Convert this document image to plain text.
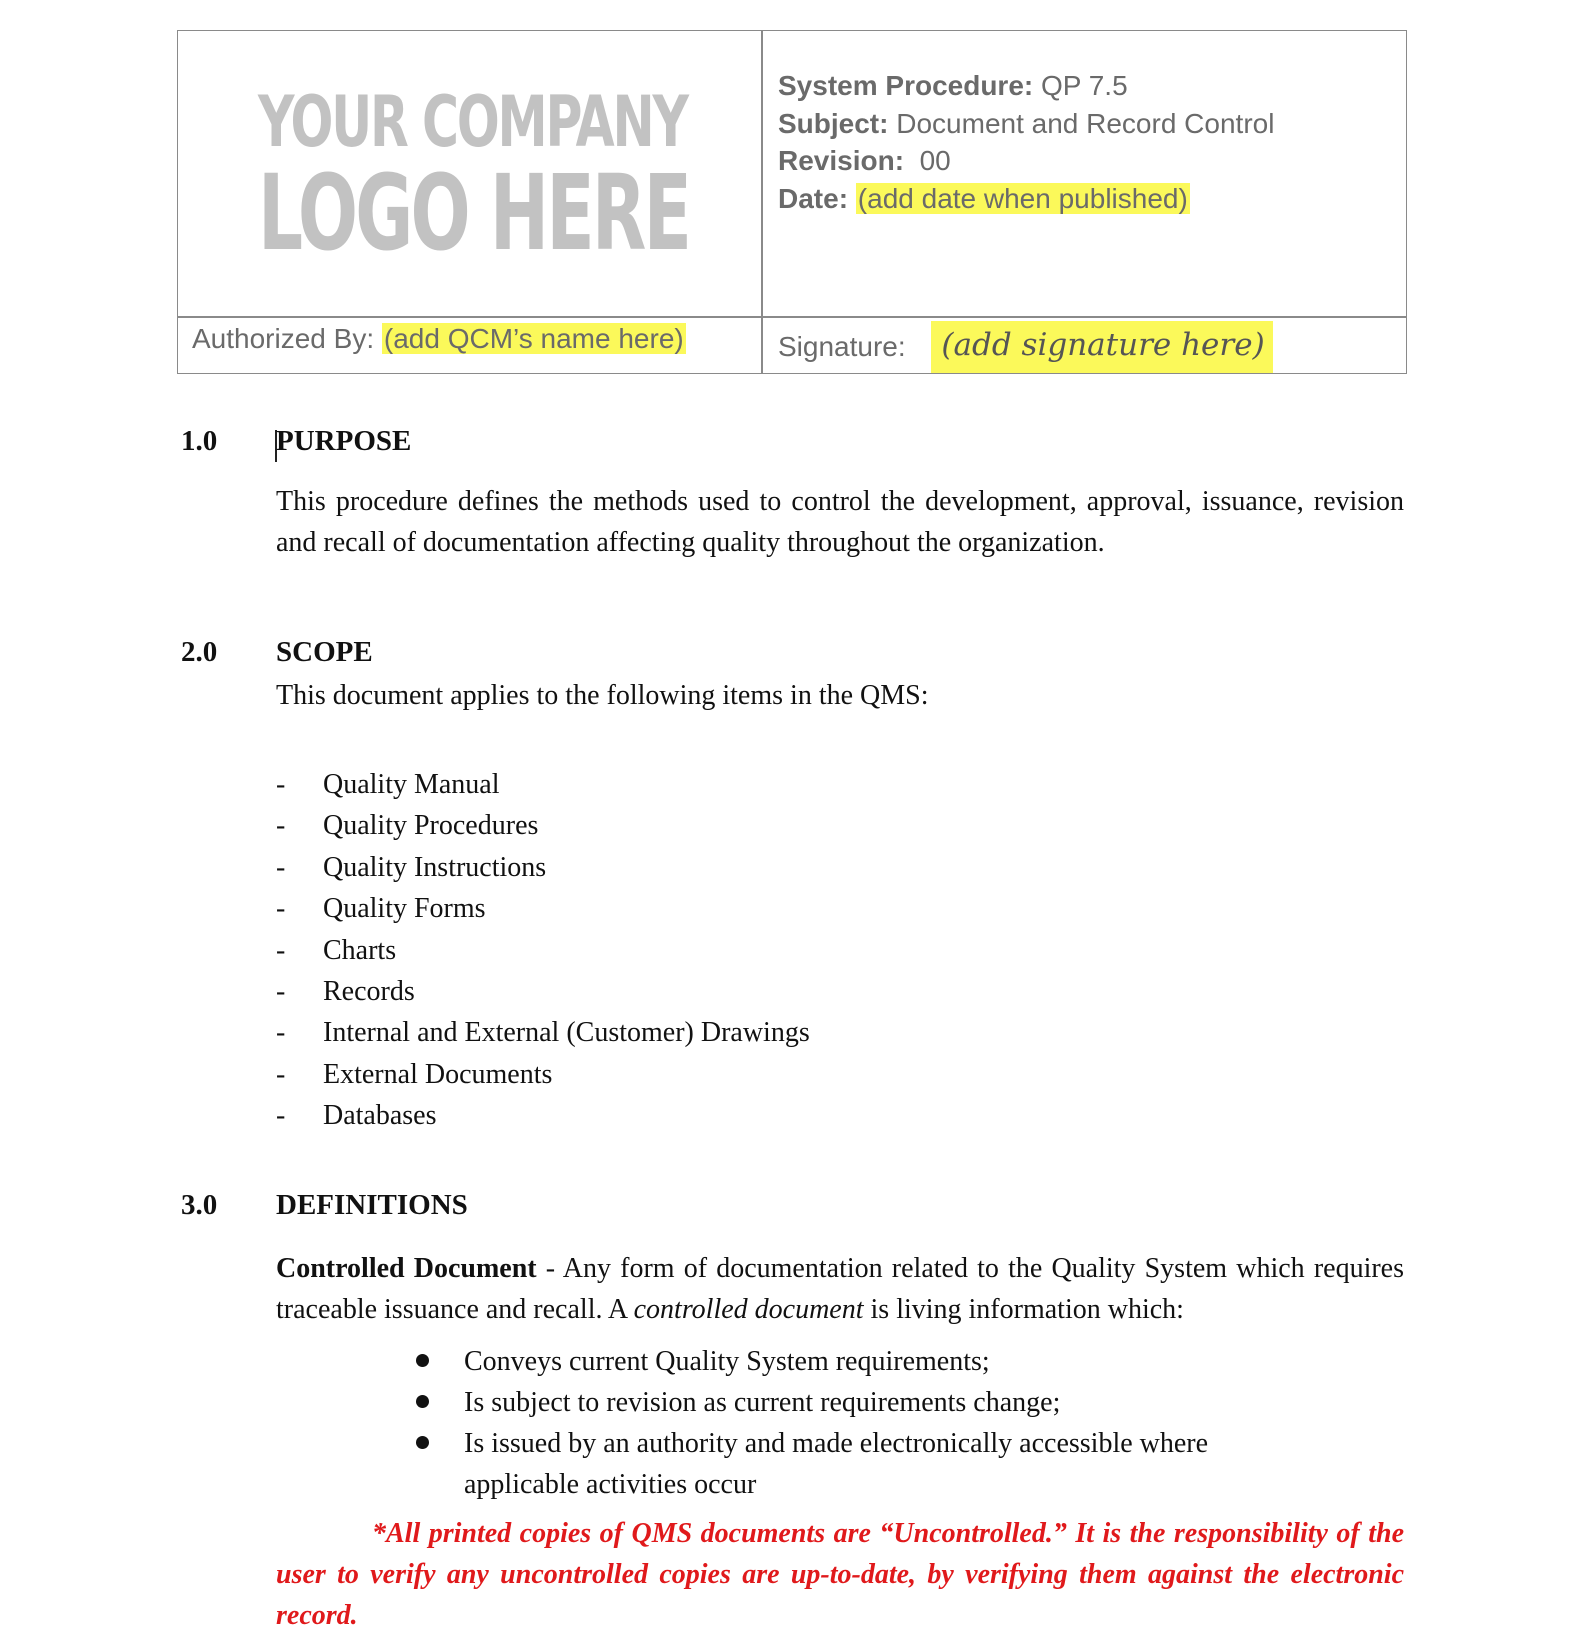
YOUR COMPANY
LOGO HERE
System Procedure: QP 7.5
Subject: Document and Record Control
Revision: 00
Date: (add date when published)
Authorized By: (add QCM’s name here)	Signature: (add signature here)
1.0 PURPOSE
This procedure defines the methods used to control the development, approval, issuance, revision and recall of documentation affecting quality throughout the organization.
2.0 SCOPE
This document applies to the following items in the QMS:
- Quality Manual
- Quality Procedures
- Quality Instructions
- Quality Forms
- Charts
- Records
- Internal and External (Customer) Drawings
- External Documents
- Databases
3.0 DEFINITIONS
Controlled Document - Any form of documentation related to the Quality System which requires traceable issuance and recall. A controlled document is living information which:
Conveys current Quality System requirements;
Is subject to revision as current requirements change;
Is issued by an authority and made electronically accessible where applicable activities occur
*All printed copies of QMS documents are “Uncontrolled.” It is the responsibility of the user to verify any uncontrolled copies are up-to-date, by verifying them against the electronic record.
